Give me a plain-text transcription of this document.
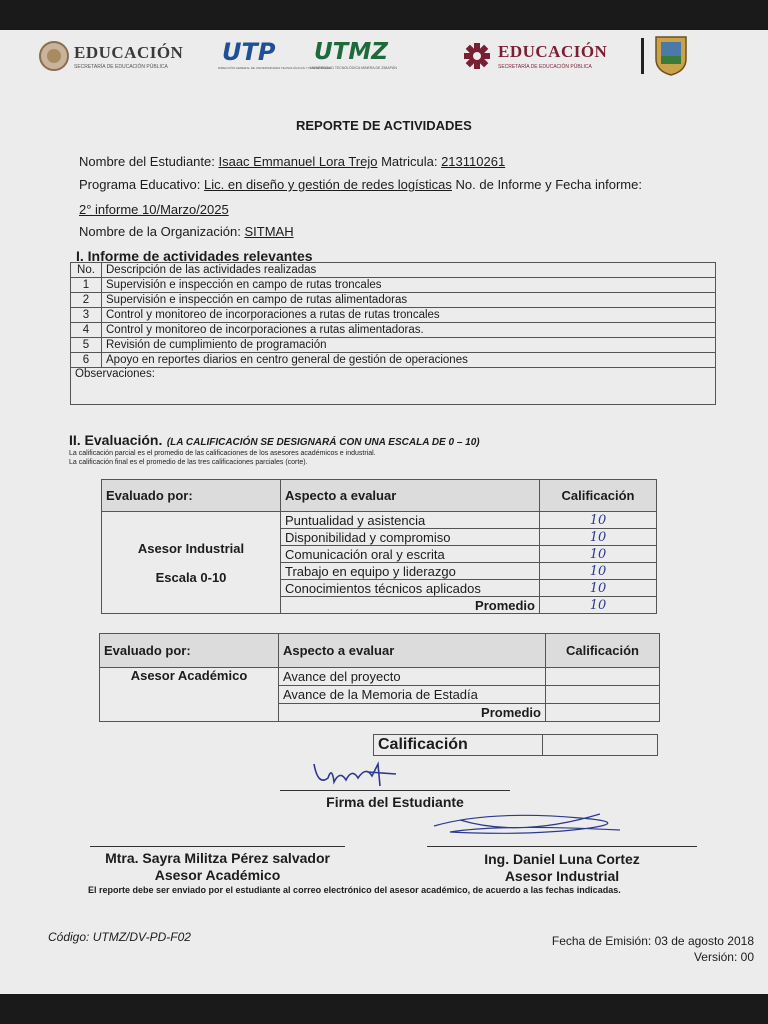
EDUCACIÓN
SECRETARÍA DE EDUCACIÓN PÚBLICA
UTP
DIRECCIÓN GENERAL DE UNIVERSIDADES TECNOLÓGICAS Y POLITÉCNICAS
UTMZ
UNIVERSIDAD TECNOLÓGICA MINERA DE ZIMAPÁN
EDUCACIÓN
SECRETARÍA DE EDUCACIÓN PÚBLICA
REPORTE DE ACTIVIDADES
Nombre del Estudiante: Isaac Emmanuel Lora Trejo Matricula: 213110261
Programa Educativo: Lic. en diseño y gestión de redes logísticas No. de Informe y Fecha informe:
2° informe 10/Marzo/2025
Nombre de la Organización: SITMAH
I. Informe de actividades relevantes
No.	Descripción de las actividades realizadas
1	Supervisión e inspección en campo de rutas troncales
2	Supervisión e inspección en campo de rutas alimentadoras
3	Control y monitoreo de incorporaciones a rutas de rutas troncales
4	Control y monitoreo de incorporaciones a rutas alimentadoras.
5	Revisión de cumplimiento de programación
6	Apoyo en reportes diarios en centro general de gestión de operaciones
Observaciones:	
II. Evaluación. (LA CALIFICACIÓN SE DESIGNARÁ CON UNA ESCALA DE 0 – 10)
La calificación parcial es el promedio de las calificaciones de los asesores académicos e industrial.
La calificación final es el promedio de las tres calificaciones parciales (corte).
Evaluado por:	Aspecto a evaluar	Calificación

Asesor Industrial
Escala 0-10	Puntualidad y asistencia	10
	Disponibilidad y compromiso	10
	Comunicación oral y escrita	10
	Trabajo en equipo y liderazgo	10
	Conocimientos técnicos aplicados	10
	Promedio	10
Evaluado por:	Aspecto a evaluar	Calificación
Asesor Académico	Avance del proyecto	
	Avance de la Memoria de Estadía	
	Promedio	
Calificación	
Firma del Estudiante
Mtra. Sayra Militza Pérez salvador
Asesor Académico
Ing. Daniel Luna Cortez
Asesor Industrial
El reporte debe ser enviado por el estudiante al correo electrónico del asesor académico, de acuerdo a las fechas indicadas.
Código: UTMZ/DV-PD-F02	Fecha de Emisión: 03 de agosto 2018
Versión: 00
